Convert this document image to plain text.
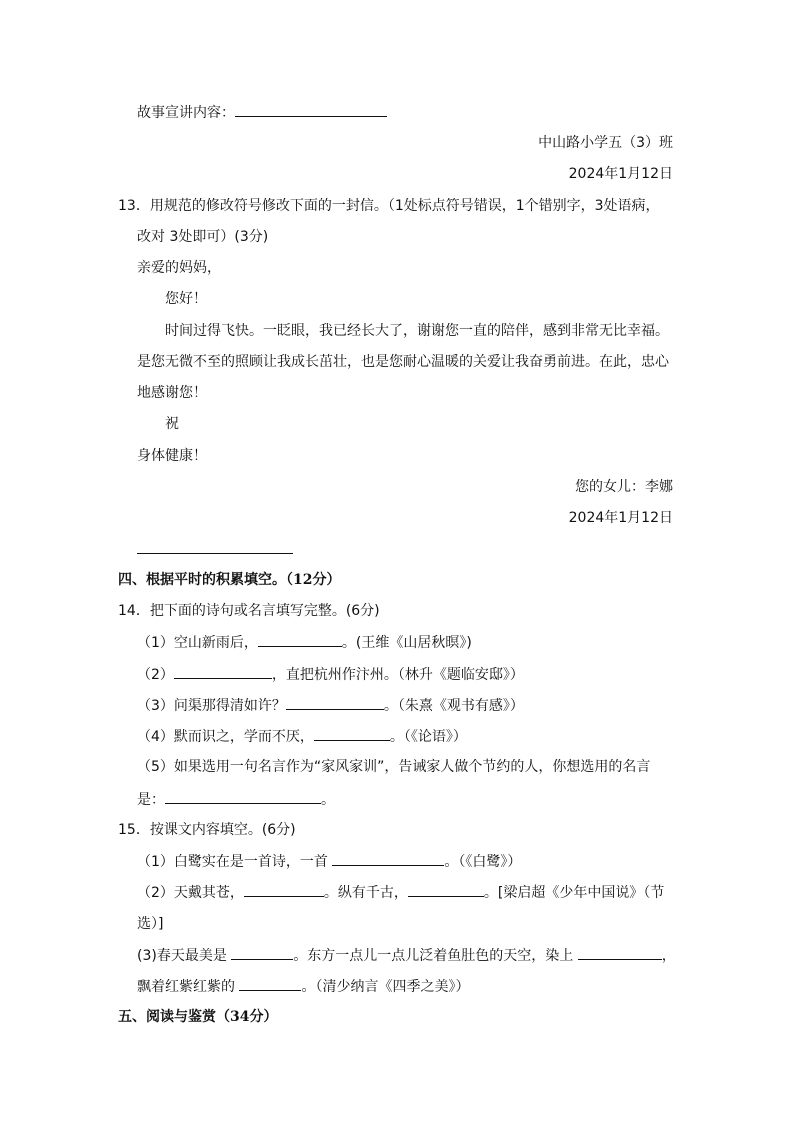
故事宣讲内容：
中山路小学五（3）班
2024年1月12日
13．用规范的修改符号修改下面的一封信。（1处标点符号错误，1个错别字，3处语病，
改对 3处即可）(3分)
亲爱的妈妈，
您好！
时间过得飞快。一眨眼，我已经长大了，谢谢您一直的陪伴，感到非常无比幸福。
是您无微不至的照顾让我成长茁壮，也是您耐心温暖的关爱让我奋勇前进。在此，忠心
地感谢您！
祝
身体健康！
您的女儿：李娜
2024年1月12日
四、根据平时的积累填空。（12分）
14．把下面的诗句或名言填写完整。(6分)
（1）空山新雨后，	。(王维《山居秋暝》)
（2）	，直把杭州作汴州。（林升《题临安邸》）
（3）问渠那得清如许？	。（朱熹《观书有感》）
（4）默而识之，学而不厌，	。（《论语》）
（5）如果选用一句名言作为“家风家训”，告诫家人做个节约的人，你想选用的名言
是：	。
15．按课文内容填空。(6分)
（1）白鹭实在是一首诗，一首	。（《白鹭》）
（2）天戴其苍，	。纵有千古，	。[梁启超《少年中国说》（节
选）]
(3)春天最美是	。东方一点儿一点儿泛着鱼肚色的天空，染上	，
飘着红紫红紫的	。（清少纳言《四季之美》）
五、阅读与鉴赏（34分）
